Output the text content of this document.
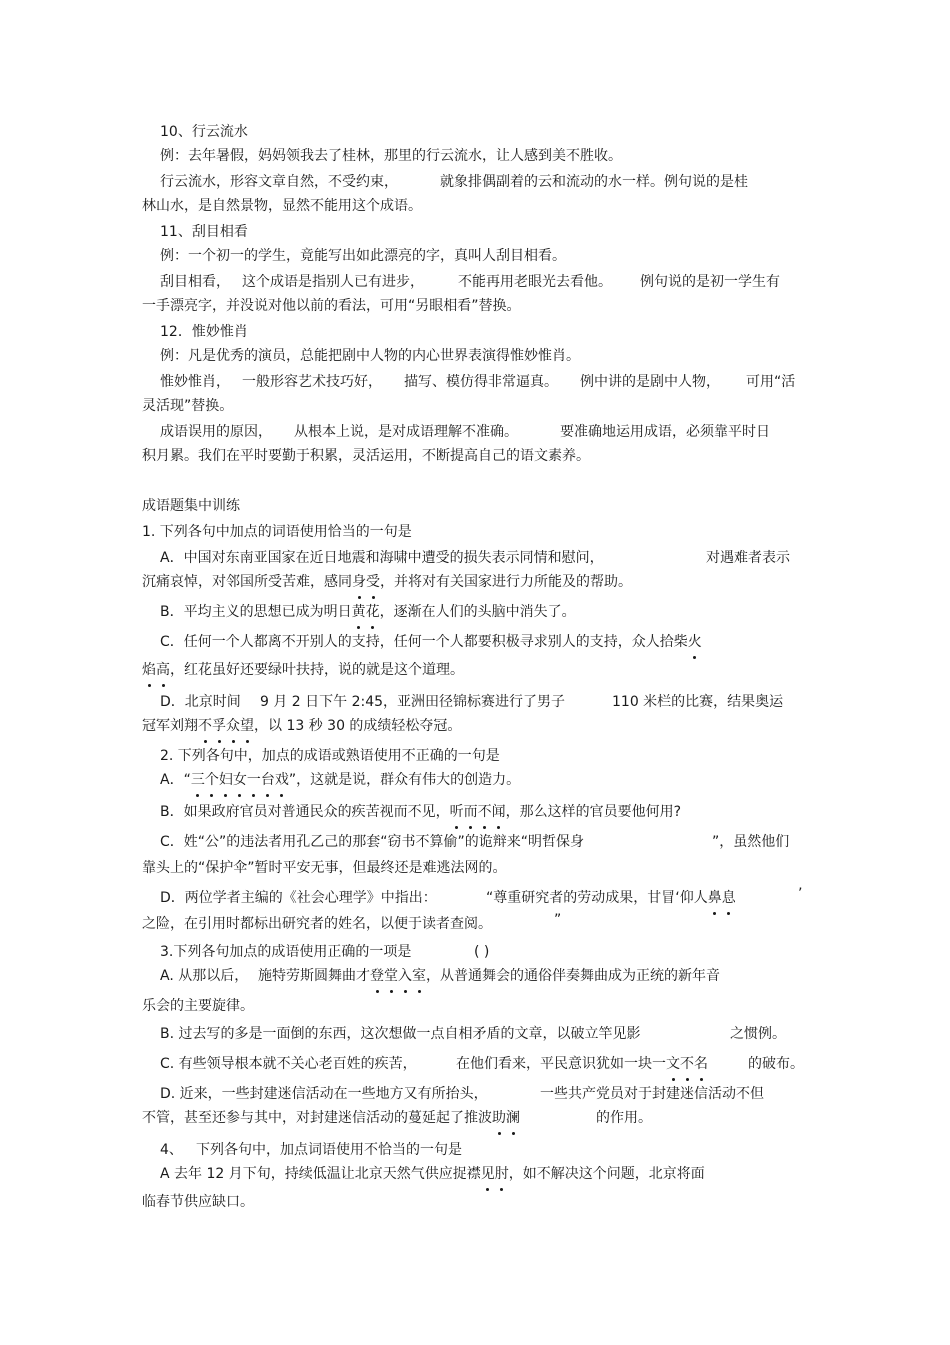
10、行云流水
例：去年暑假，妈妈领我去了桂林，那里的行云流水，让人感到美不胜收。
行云流水，形容文章自然，不受约束，	就象排偶副着的云和流动的水一样。例句说的是桂
林山水，是自然景物，显然不能用这个成语。
11、刮目相看
例：一个初一的学生，竟能写出如此漂亮的字，真叫人刮目相看。
刮目相看， 这个成语是指别人已有进步， 不能再用老眼光去看他。 例句说的是初一学生有
一手漂亮字，并没说对他以前的看法，可用“另眼相看”替换。
12．惟妙惟肖
例：凡是优秀的演员，总能把剧中人物的内心世界表演得惟妙惟肖。
惟妙惟肖， 一般形容艺术技巧好， 描写、模仿得非常逼真。 例中讲的是剧中人物， 可用“活
灵活现”替换。
成语误用的原因， 从根本上说，是对成语理解不准确。	要准确地运用成语，必须靠平时日
积月累。我们在平时要勤于积累，灵活运用，不断提高自己的语文素养。
成语题集中训练
1. 下列各句中加点的词语使用恰当的一句是
A．中国对东南亚国家在近日地震和海啸中遭受的损失表示同情和慰问，	对遇难者表示
沉痛哀悼，对邻国所受苦难，感同身受，并将对有关国家进行力所能及的帮助。
B．平均主义的思想已成为明日黄花，逐渐在人们的头脑中消失了。
C．任何一个人都离不开别人的支持，任何一个人都要积极寻求别人的支持，众人拾柴火
焰高，红花虽好还要绿叶扶持，说的就是这个道理。
D．北京时间 9 月 2 日下午 2:45，亚洲田径锦标赛进行了男子	110 米栏的比赛，结果奥运
冠军刘翔不孚众望，以 13 秒 30 的成绩轻松夺冠。
2. 下列各句中，加点的成语或熟语使用不正确的一句是
A．“三个妇女一台戏”，这就是说，群众有伟大的创造力。
B．如果政府官员对普通民众的疾苦视而不见，听而不闻，那么这样的官员要他何用?
C．姓“公”的违法者用孔乙己的那套“窃书不算偷”的诡辩来“明哲保身	”，虽然他们
靠头上的“保护伞”暂时平安无事，但最终还是难逃法网的。
D．两位学者主编的《社会心理学》中指出：	“尊重研究者的劳动成果，甘冒‘仰人鼻息	’
之险，在引用时都标出研究者的姓名，以便于读者查阅。	”
3.下列各句加点的成语使用正确的一项是	( )
A. 从那以后， 施特劳斯圆舞曲才登堂入室，从普通舞会的通俗伴奏舞曲成为正统的新年音
乐会的主要旋律。
B. 过去写的多是一面倒的东西，这次想做一点自相矛盾的文章，以破立竿见影	之惯例。
C. 有些领导根本就不关心老百姓的疾苦，	在他们看来，平民意识犹如一块一文不名	的破布。
D. 近来，一些封建迷信活动在一些地方又有所抬头，	一些共产党员对于封建迷信活动不但
不管，甚至还参与其中，对封建迷信活动的蔓延起了推波助澜	的作用。
4、 下列各句中，加点词语使用不恰当的一句是
A 去年 12 月下旬，持续低温让北京天然气供应捉襟见肘，如不解决这个问题，北京将面
临春节供应缺口。
